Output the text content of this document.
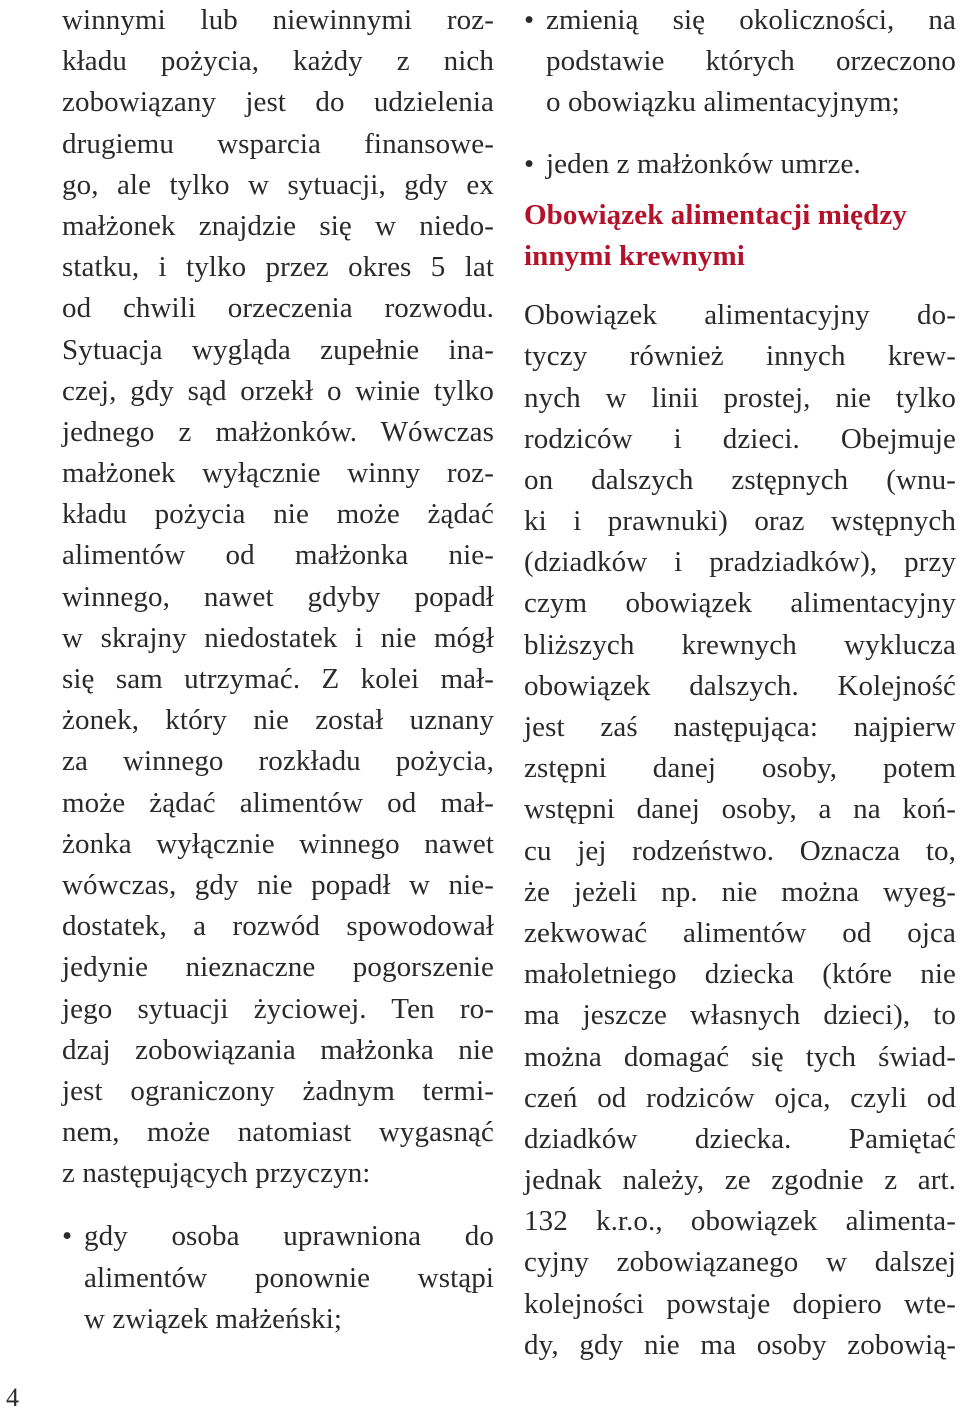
winnymi lub niewinnymi roz-
kładu pożycia, każdy z nich
zobowiązany jest do udzielenia
drugiemu wsparcia finansowe-
go, ale tylko w sytuacji, gdy ex
małżonek znajdzie się w niedo-
statku, i tylko przez okres 5 lat
od chwili orzeczenia rozwodu.
Sytuacja wygląda zupełnie ina-
czej, gdy sąd orzekł o winie tylko
jednego z małżonków. Wówczas
małżonek wyłącznie winny roz-
kładu pożycia nie może żądać
alimentów od małżonka nie-
winnego, nawet gdyby popadł
w skrajny niedostatek i nie mógł
się sam utrzymać. Z kolei mał-
żonek, który nie został uznany
za winnego rozkładu pożycia,
może żądać alimentów od mał-
żonka wyłącznie winnego nawet
wówczas, gdy nie popadł w nie-
dostatek, a rozwód spowodował
jedynie nieznaczne pogorszenie
jego sytuacji życiowej. Ten ro-
dzaj zobowiązania małżonka nie
jest ograniczony żadnym termi-
nem, może natomiast wygasnąć
z następujących przyczyn:
• gdy osoba uprawniona do
alimentów ponownie wstąpi
w związek małżeński;
• zmienią się okoliczności, na
podstawie których orzeczono
o obowiązku alimentacyjnym;
• jeden z małżonków umrze.
Obowiązek alimentacji między
innymi krewnymi
Obowiązek alimentacyjny do-
tyczy również innych krew-
nych w linii prostej, nie tylko
rodziców i dzieci. Obejmuje
on dalszych zstępnych (wnu-
ki i prawnuki) oraz wstępnych
(dziadków i pradziadków), przy
czym obowiązek alimentacyjny
bliższych krewnych wyklucza
obowiązek dalszych. Kolejność
jest zaś następująca: najpierw
zstępni danej osoby, potem
wstępni danej osoby, a na koń-
cu jej rodzeństwo. Oznacza to,
że jeżeli np. nie można wyeg-
zekwować alimentów od ojca
małoletniego dziecka (które nie
ma jeszcze własnych dzieci), to
można domagać się tych świad-
czeń od rodziców ojca, czyli od
dziadków dziecka. Pamiętać
jednak należy, ze zgodnie z art.
132 k.r.o., obowiązek alimenta-
cyjny zobowiązanego w dalszej
kolejności powstaje dopiero wte-
dy, gdy nie ma osoby zobowią-
4
